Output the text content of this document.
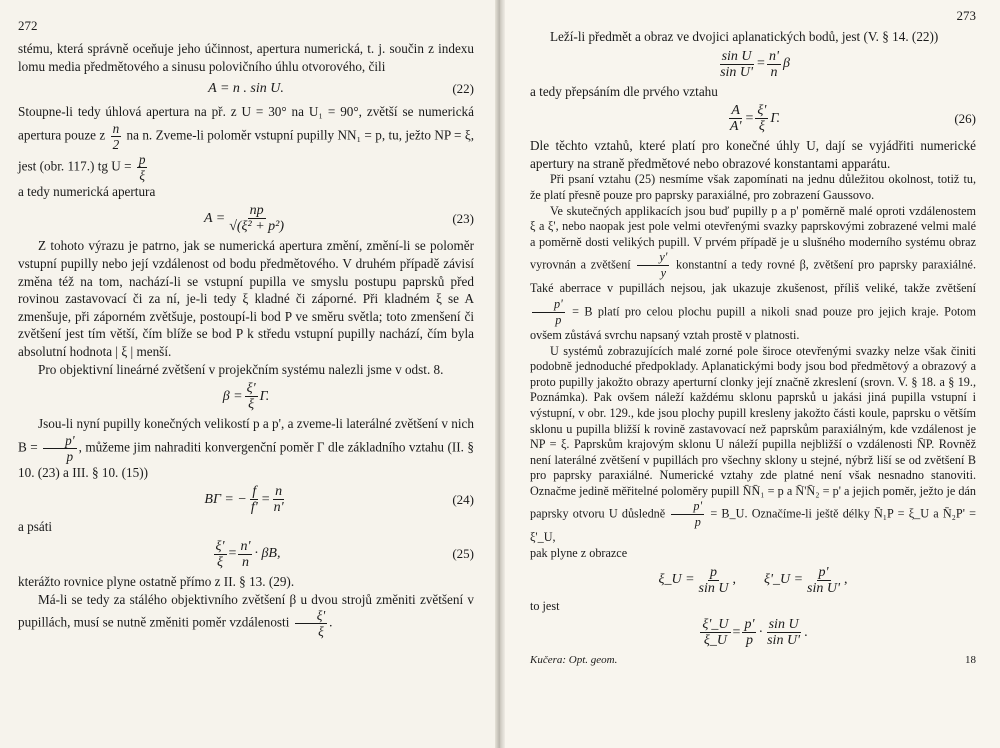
272

stému, která správně oceňuje jeho účinnost, apertura numerická, t. j. součin z indexu lomu media předmětového a sinusu polovičního úhlu otvorového, čili

A = n . sin U.	(22)

Stoupne-li tedy úhlová apertura na př. z U = 30° na U₁ = 90°, zvětší se numerická apertura pouze z $\frac{n}{2}$ na n. Zveme-li poloměr vstupní pupilly NN₁ = p, tu, ježto NP = ξ, jest (obr. 117.) tg $U = \frac{p}{\xi}$

a tedy numerická apertura

$A = \frac{np}{\text{√(ξ² + p²)}}$	(23)

Z tohoto výrazu je patrno, jak se numerická apertura změní, změní-li se poloměr vstupní pupilly nebo její vzdálenost od bodu předmětového. V druhém případě závisí změna též na tom, nachází-li se vstupní pupilla ve smyslu postupu paprsků před rovinou zastavovací či za ní, je-li tedy ξ kladné či záporné. Při kladném ξ se A zmenšuje, při záporném zvětšuje, postoupí-li bod P ve směru světla; toto zmenšení či zvětšení jest tím větší, čím blíže se bod P k středu vstupní pupilly nachází, čím byla absolutní hodnota | ξ | menší.

Pro objektivní lineárné zvětšení v projekčním systému nalezli jsme v odst. 8.

$\beta = \frac{\xi'}{\xi} \Gamma$.

Jsou-li nyní pupilly konečných velikostí p a p', a zveme-li laterálné zvětšení v nich $B = \frac{p'}{p}$ , můžeme jim nahraditi konvergenční poměr Γ dle základního vztahu (II. § 10. (23) a III. § 10. (15))

BΓ = − $\frac{f}{f'} = \frac{n}{n'}$	(24)

a psáti

$\frac{\xi'}{\xi} = \frac{n'}{n} \cdot \beta B$,	(25)

kterážto rovnice plyne ostatně přímo z II. § 13. (29).

Má-li se tedy za stálého objektivního zvětšení β u dvou strojů změniti zvětšení v pupillách, musí se nutně změniti poměr vzdálenosti $\frac{\xi'}{\xi}$ .

273

Leží-li předmět a obraz ve dvojici aplanatických bodů, jest (V. § 14. (22))

$\frac{\text{sin U}}{\text{sin U'}} = \frac{n'}{n}$ β

a tedy přepsáním dle prvého vztahu

$\frac{A}{A'} = \frac{\xi'}{\xi} \Gamma$.	(26)

Dle těchto vztahů, které platí pro konečné úhly U, dají se vyjádřiti numerické apertury na straně předmětové nebo obrazové konstantami apparátu.

Při psaní vztahu (25) nesmíme však zapomínati na jednu důležitou okolnost, totiž tu, že platí přesně pouze pro paprsky paraxiálné, pro zobrazení Gaussovo.

Ve skutečných applikacích jsou buď pupilly p a p' poměrně malé oproti vzdálenostem ξ a ξ', nebo naopak jest pole velmi otevřenými svazky paprskovými zobrazené velmi malé a poměrně dosti velikých pupill. V prvém případě je u slušného moderního systému obraz vyrovnán a zvětšení $\frac{y'}{y}$ konstantní a tedy rovné β, zvětšení pro paprsky paraxiálné. Také aberrace v pupillách nejsou, jak ukazuje zkušenost, příliš veliké, takže zvětšení
$\frac{p'}{p} = B$ platí pro celou plochu pupill a nikoli snad pouze pro jejich kraje. Potom ovšem zůstává svrchu napsaný vztah prostě v platnosti.

U systémů zobrazujících malé zorné pole široce otevřenými svazky nelze však činiti podobně jednoduché předpoklady. Aplanatickými body jsou bod předmětový a obrazový a proto pupilly jakožto obrazy aperturní clonky její značně zkreslení (srovn. V. § 18. a § 19., Poznámka). Pak ovšem náleží každému sklonu paprsků u jakási jiná pupilla vstupní i výstupní, v obr. 129., kde jsou plochy pupill kresleny jakožto části koule, paprsku o větším sklonu u pupilla bližší k rovině zastavovací než paprskům paraxiálným, kde vzdálenost je NP = ξ. Paprskům krajovým sklonu U náleží pupilla nejbližší o vzdálenosti N̄P. Rovněž není laterálné zvětšení v pupillách pro všechny sklony u stejné, nýbrž liší se od zvětšení B pro paprsky paraxiálné. Numerické vztahy zde platné není však nesnadno stanoviti. Označme jedině měřitelné poloměry pupill N̄N̄₁ = p a N̄'N̄₂ = p' a jejich poměr, ježto je dán paprsky otvoru U důsledně $\frac{p'}{p}$ = B_U. Označíme-li ještě délky N̄₁P = ξ_U a N̄₂P' = ξ'_U,

pak plyne z obrazce

ξ_U = $\frac{p}{\text{sin U}}$ , ξ'_U = $\frac{p'}{\text{sin U'}}$ ,

to jest

$\frac{\xi'\_U}{\xi\_U} = \frac{p'}{p} \cdot \frac{\text{sin U}}{\text{sin U'}}$ .
Kučera: Opt. geom.	18
